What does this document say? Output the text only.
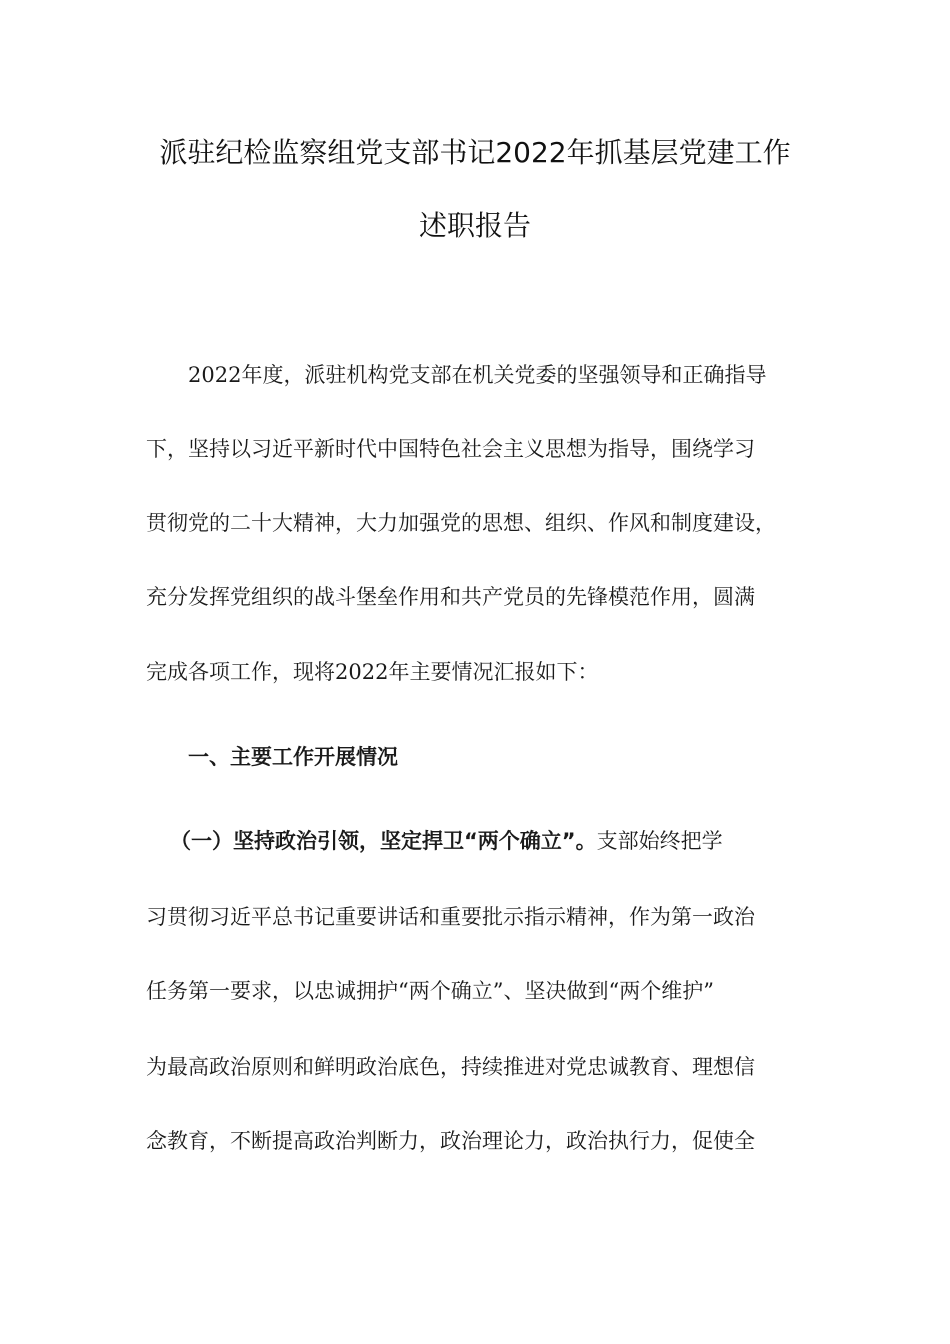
派驻纪检监察组党支部书记2022年抓基层党建工作
述职报告
2022年度，派驻机构党支部在机关党委的坚强领导和正确指导
下，坚持以习近平新时代中国特色社会主义思想为指导，围绕学习
贯彻党的二十大精神，大力加强党的思想、组织、作风和制度建设，
充分发挥党组织的战斗堡垒作用和共产党员的先锋模范作用，圆满
完成各项工作，现将2022年主要情况汇报如下：
一、主要工作开展情况
（一）坚持政治引领，坚定捍卫“两个确立”。支部始终把学
习贯彻习近平总书记重要讲话和重要批示指示精神，作为第一政治
任务第一要求，以忠诚拥护“两个确立”、坚决做到“两个维护”
为最高政治原则和鲜明政治底色，持续推进对党忠诚教育、理想信
念教育，不断提高政治判断力，政治理论力，政治执行力，促使全
